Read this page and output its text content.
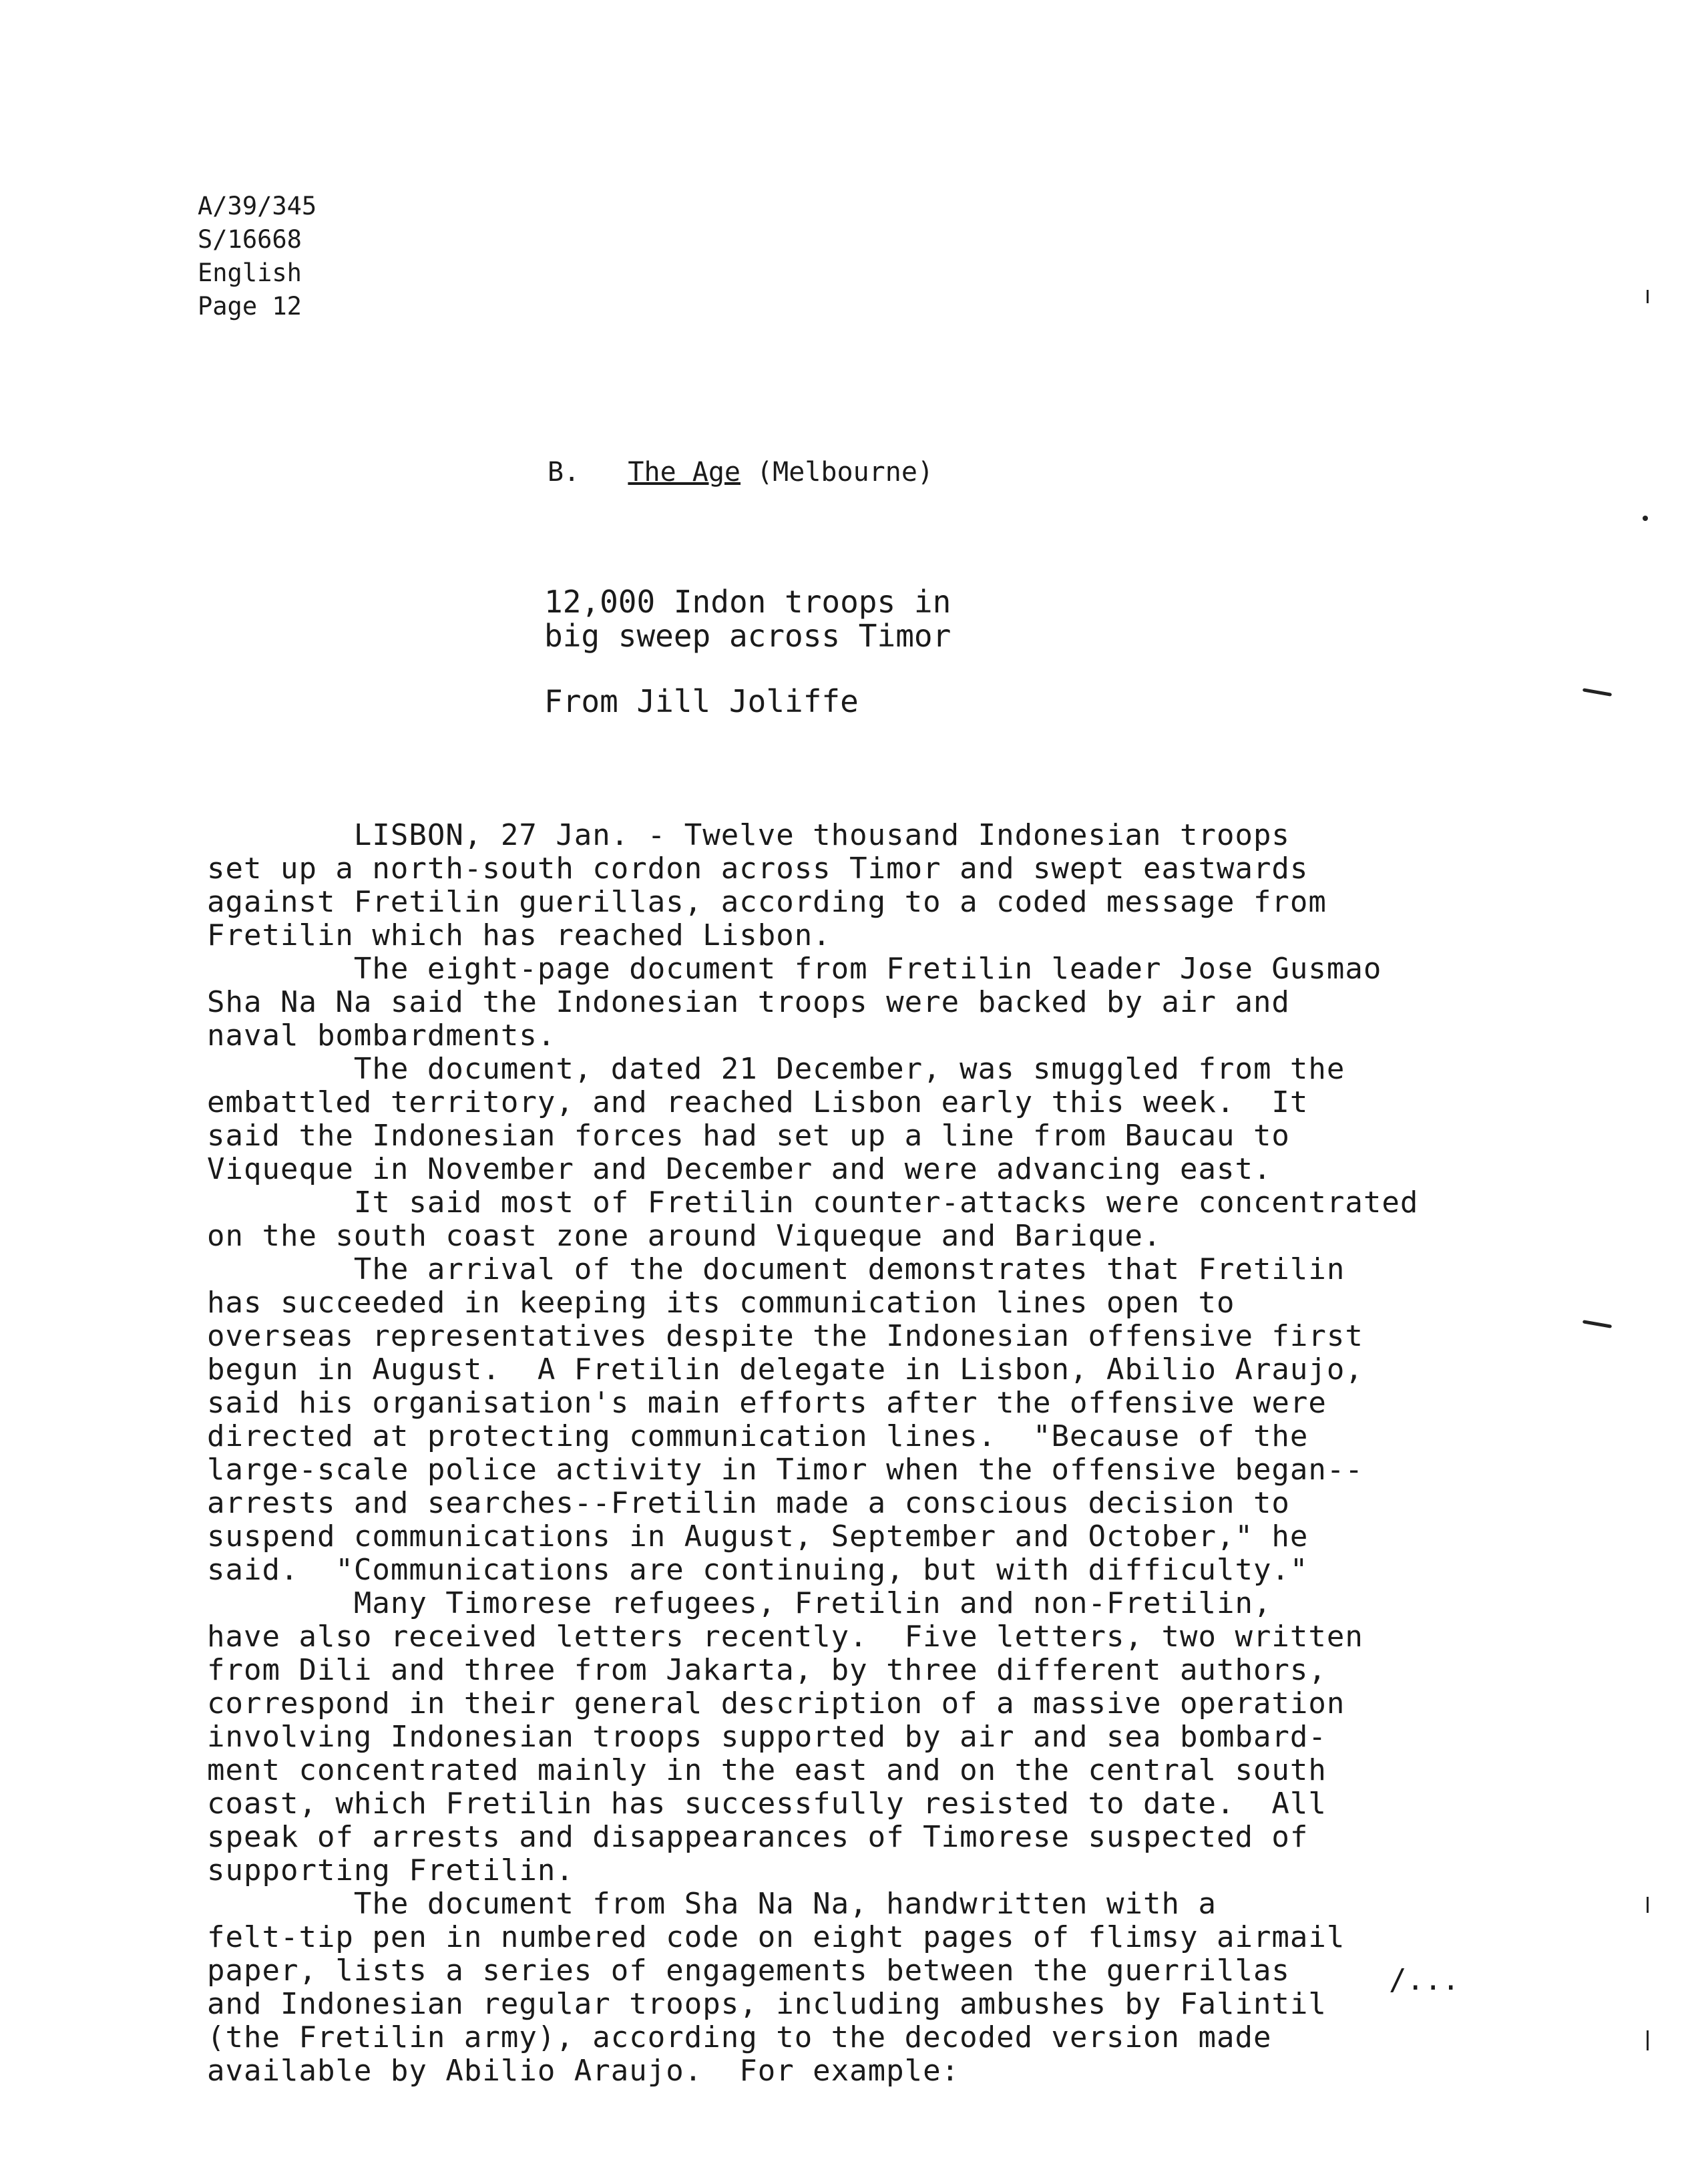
A/39/345
S/16668
English
Page 12
B. The Age (Melbourne)
12,000 Indon troops in
big sweep across Timor
From Jill Joliffe
LISBON, 27 Jan. - Twelve thousand Indonesian troops
set up a north-south cordon across Timor and swept eastwards
against Fretilin guerillas, according to a coded message from
Fretilin which has reached Lisbon.
The eight-page document from Fretilin leader Jose Gusmao
Sha Na Na said the Indonesian troops were backed by air and
naval bombardments.
The document, dated 21 December, was smuggled from the
embattled territory, and reached Lisbon early this week.  It
said the Indonesian forces had set up a line from Baucau to
Viqueque in November and December and were advancing east.
It said most of Fretilin counter-attacks were concentrated
on the south coast zone around Viqueque and Barique.
The arrival of the document demonstrates that Fretilin
has succeeded in keeping its communication lines open to
overseas representatives despite the Indonesian offensive first
begun in August.  A Fretilin delegate in Lisbon, Abilio Araujo,
said his organisation's main efforts after the offensive were
directed at protecting communication lines.  "Because of the
large-scale police activity in Timor when the offensive began--
arrests and searches--Fretilin made a conscious decision to
suspend communications in August, September and October," he
said.  "Communications are continuing, but with difficulty."
Many Timorese refugees, Fretilin and non-Fretilin,
have also received letters recently.  Five letters, two written
from Dili and three from Jakarta, by three different authors,
correspond in their general description of a massive operation
involving Indonesian troops supported by air and sea bombard-
ment concentrated mainly in the east and on the central south
coast, which Fretilin has successfully resisted to date.  All
speak of arrests and disappearances of Timorese suspected of
supporting Fretilin.
The document from Sha Na Na, handwritten with a
felt-tip pen in numbered code on eight pages of flimsy airmail
paper, lists a series of engagements between the guerrillas
and Indonesian regular troops, including ambushes by Falintil
(the Fretilin army), according to the decoded version made
available by Abilio Araujo.  For example:
/...
